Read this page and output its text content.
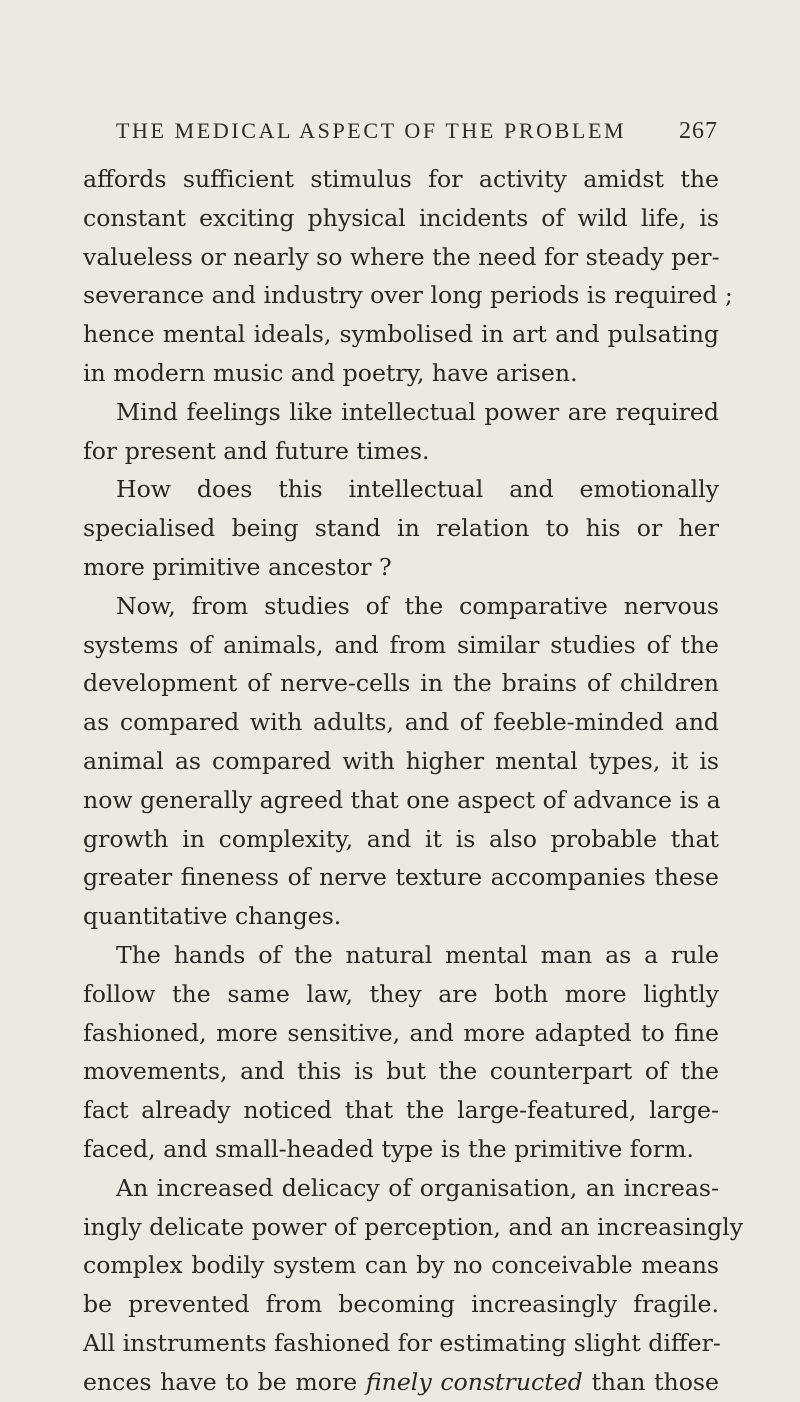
THE MEDICAL ASPECT OF THE PROBLEM 267
affords sufficient stimulus for activity amidst the
constant exciting physical incidents of wild life, is
valueless or nearly so where the need for steady per-
severance and industry over long periods is required ;
hence mental ideals, symbolised in art and pulsating
in modern music and poetry, have arisen.
Mind feelings like intellectual power are required
for present and future times.
How does this intellectual and emotionally
specialised being stand in relation to his or her
more primitive ancestor ?
Now, from studies of the comparative nervous
systems of animals, and from similar studies of the
development of nerve-cells in the brains of children
as compared with adults, and of feeble-minded and
animal as compared with higher mental types, it is
now generally agreed that one aspect of advance is a
growth in complexity, and it is also probable that
greater fineness of nerve texture accompanies these
quantitative changes.
The hands of the natural mental man as a rule
follow the same law, they are both more lightly
fashioned, more sensitive, and more adapted to fine
movements, and this is but the counterpart of the
fact already noticed that the large-featured, large-
faced, and small-headed type is the primitive form.
An increased delicacy of organisation, an increas-
ingly delicate power of perception, and an increasingly
complex bodily system can by no conceivable means
be prevented from becoming increasingly fragile.
All instruments fashioned for estimating slight differ-
ences have to be more finely constructed than those
